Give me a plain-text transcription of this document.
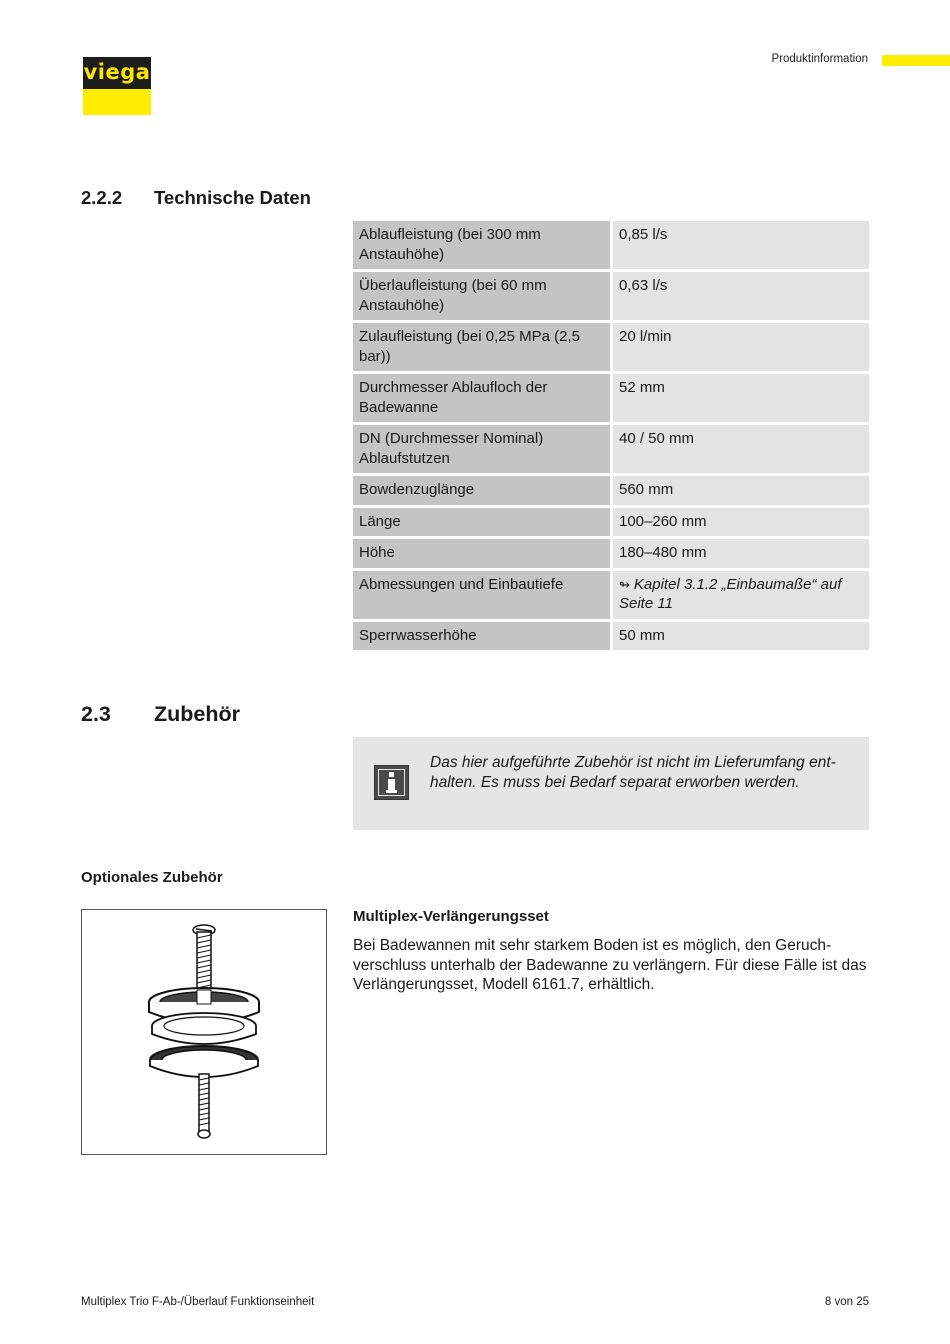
viega
Produktinformation
2.2.2 Technische Daten
Ablaufleistung (bei 300 mm Anstauhöhe)	0,85 l/s
Überlaufleistung (bei 60 mm Anstauhöhe)	0,63 l/s
Zulaufleistung (bei 0,25 MPa (2,5 bar))	20 l/min
Durchmesser Ablaufloch der Badewanne	52 mm
DN (Durchmesser Nominal) Ablaufstutzen	40 / 50 mm
Bowdenzuglänge	560 mm
Länge	100–260 mm
Höhe	180–480 mm
Abmessungen und Einbautiefe	↬ Kapitel 3.1.2 „Einbaumaße“ auf Seite 11
Sperrwasserhöhe	50 mm
2.3 Zubehör
Das hier aufgeführte Zubehör ist nicht im Lieferumfang ent-halten. Es muss bei Bedarf separat erworben werden.
Optionales Zubehör
Multiplex-Verlängerungsset
Bei Badewannen mit sehr starkem Boden ist es möglich, den Geruch-verschluss unterhalb der Badewanne zu verlängern. Für diese Fälle ist das Verlängerungsset, Modell 6161.7, erhältlich.
Multiplex Trio F-Ab-/Überlauf Funktionseinheit	8 von 25
